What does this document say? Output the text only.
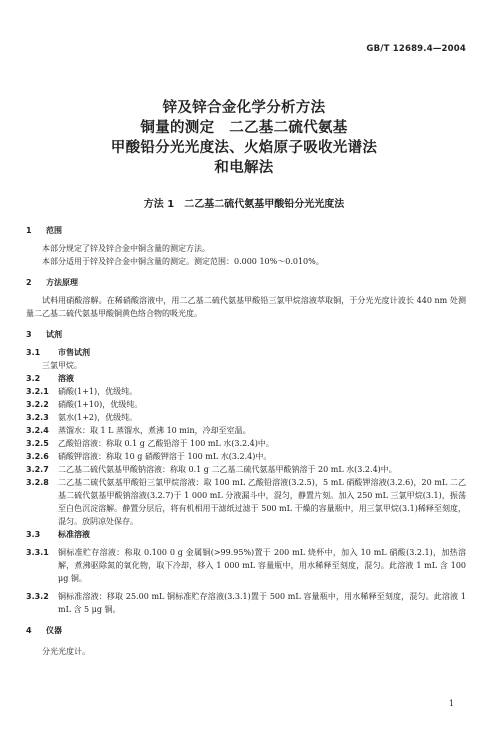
GB/T 12689.4—2004
锌及锌合金化学分析方法
铜量的测定　二乙基二硫代氨基
甲酸铅分光光度法、火焰原子吸收光谱法
和电解法
方法 1　二乙基二硫代氨基甲酸铅分光光度法
1	范围

本部分规定了锌及锌合金中铜含量的测定方法。

本部分适用于锌及锌合金中铜含量的测定。测定范围：0.000 10%～0.010%。

2	方法原理

试料用硝酸溶解。在稀硝酸溶液中，用二乙基二硫代氨基甲酸铅三氯甲烷溶液萃取铜，于分光光度计波长 440 nm 处测量二乙基二硫代氨基甲酸铜黄色络合物的吸光度。

3	试剂
3.1	市售试剂
三氯甲烷。
3.2	溶液
3.2.1	硝酸(1+1)，优级纯。
3.2.2	硝酸(1+10)，优级纯。
3.2.3	氨水(1+2)，优级纯。
3.2.4	蒸馏水：取 1 L 蒸馏水，煮沸 10 min，冷却至室温。
3.2.5	乙酸铅溶液：称取 0.1 g 乙酸铅溶于 100 mL 水(3.2.4)中。
3.2.6	硝酸钾溶液：称取 10 g 硝酸钾溶于 100 mL 水(3.2.4)中。
3.2.7	二乙基二硫代氨基甲酸钠溶液：称取 0.1 g 二乙基二硫代氨基甲酸钠溶于 20 mL 水(3.2.4)中。
3.2.8	二乙基二硫代氨基甲酸铅三氯甲烷溶液：取 100 mL 乙酸铅溶液(3.2.5)，5 mL 硝酸钾溶液(3.2.6)，20 mL 二乙基二硫代氨基甲酸钠溶液(3.2.7)于 1 000 mL 分液漏斗中，混匀，静置片刻。加入 250 mL 三氯甲烷(3.1)，振荡至白色沉淀溶解。静置分层后，将有机相用干滤纸过滤于 500 mL 干燥的容量瓶中，用三氯甲烷(3.1)稀释至刻度，混匀。放阴凉处保存。
3.3	标准溶液
3.3.1	铜标准贮存溶液：称取 0.100 0 g 金属铜(>99.95%)置于 200 mL 烧杯中，加入 10 mL 硝酸(3.2.1)，加热溶解，煮沸驱除氮的氧化物，取下冷却，移入 1 000 mL 容量瓶中，用水稀释至刻度，混匀。此溶液 1 mL 含 100 μg 铜。
3.3.2	铜标准溶液：移取 25.00 mL 铜标准贮存溶液(3.3.1)置于 500 mL 容量瓶中，用水稀释至刻度，混匀。此溶液 1 mL 含 5 μg 铜。
4	仪器

分光光度计。

1
